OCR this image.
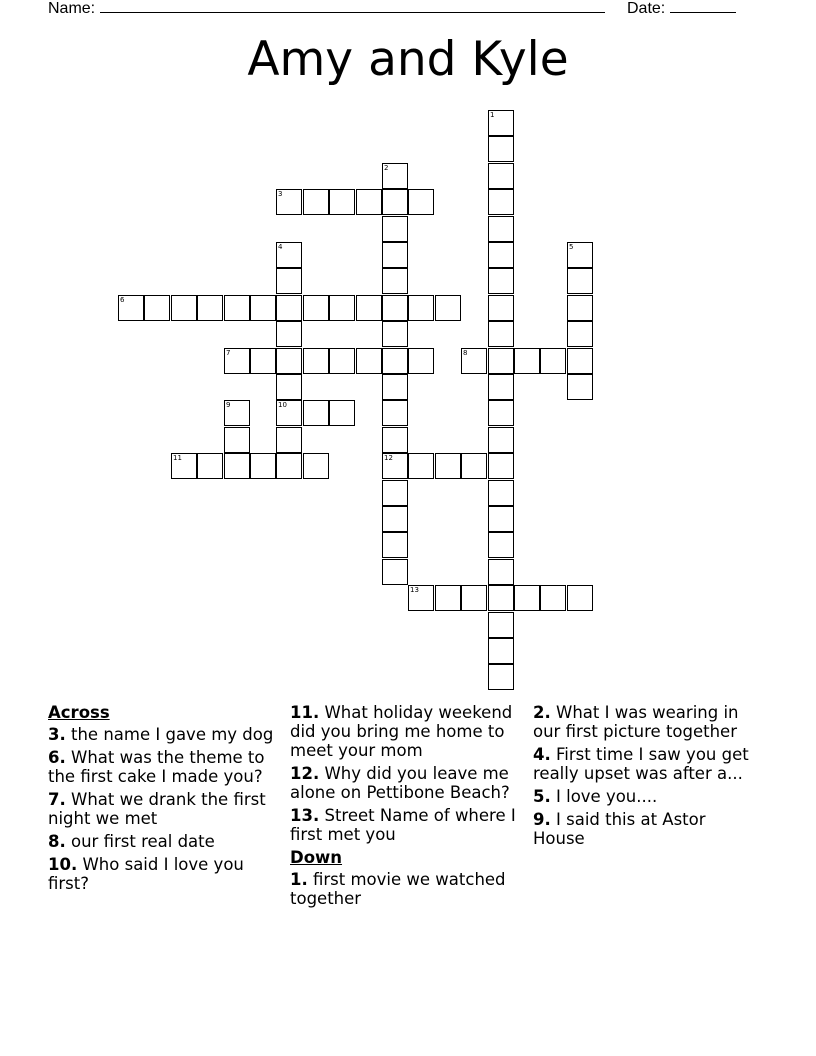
Name:	Date:
Amy and Kyle
1
2
12
3
4
10
5
6
7	8
9
11
13
Across
3. the name I gave my dog
6. What was the theme to the first cake I made you?
7. What we drank the first night we met
8. our first real date
10. Who said I love you first?
11. What holiday weekend did you bring me home to meet your mom
12. Why did you leave me alone on Pettibone Beach?
13. Street Name of where I first met you
Down
1. first movie we watched together
2. What I was wearing in our first picture together
4. First time I saw you get really upset was after a...
5. I love you....
9. I said this at Astor House
